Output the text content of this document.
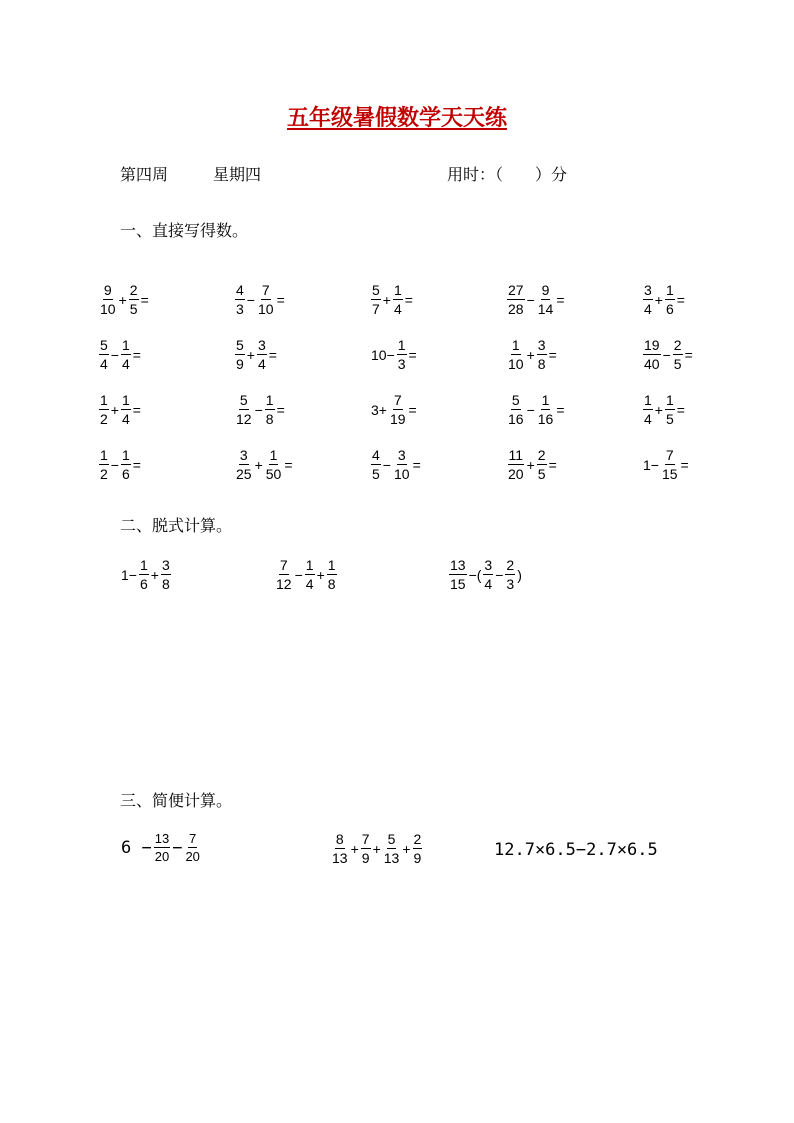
五年级暑假数学天天练
第四周	星期四	用时：（　　）分
一、直接写得数。
$\frac{9}{10} + \frac{2}{5}$ =	$\frac{4}{3} - \frac{7}{10}$ =	$\frac{5}{7} + \frac{1}{4}$ =	$\frac{27}{28} - \frac{9}{14}$ =	$\frac{3}{4} + \frac{1}{6}$ =
$\frac{5}{4} - \frac{1}{4}$ =	$\frac{5}{9} + \frac{3}{4}$ =	$10- \frac{1}{3}$ =	$\frac{1}{10} + \frac{3}{8}$ =	$\frac{19}{40} - \frac{2}{5}$ =
$\frac{1}{2} + \frac{1}{4}$ =	$\frac{5}{12} - \frac{1}{8}$ =	$3+ \frac{7}{19}$ =	$\frac{5}{16} - \frac{1}{16}$ =	$\frac{1}{4} + \frac{1}{5}$ =
$\frac{1}{2} - \frac{1}{6}$ =	$\frac{3}{25} + \frac{1}{50}$ =	$\frac{4}{5} - \frac{3}{10}$ =	$\frac{11}{20} + \frac{2}{5}$ =	$1- \frac{7}{15}$ =
二、脱式计算。
$1- \frac{1}{6} + \frac{3}{8}$	$\frac{7}{12} - \frac{1}{4} + \frac{1}{8}$	$\frac{13}{15}$ −( $\frac{3}{4} - \frac{2}{3}$ )
三、简便计算。
$6 - \frac{13}{20} - \frac{7}{20}$	$\frac{8}{13} + \frac{7}{9} + \frac{5}{13} + \frac{2}{9}$	12.7×6.5−2.7×6.5
